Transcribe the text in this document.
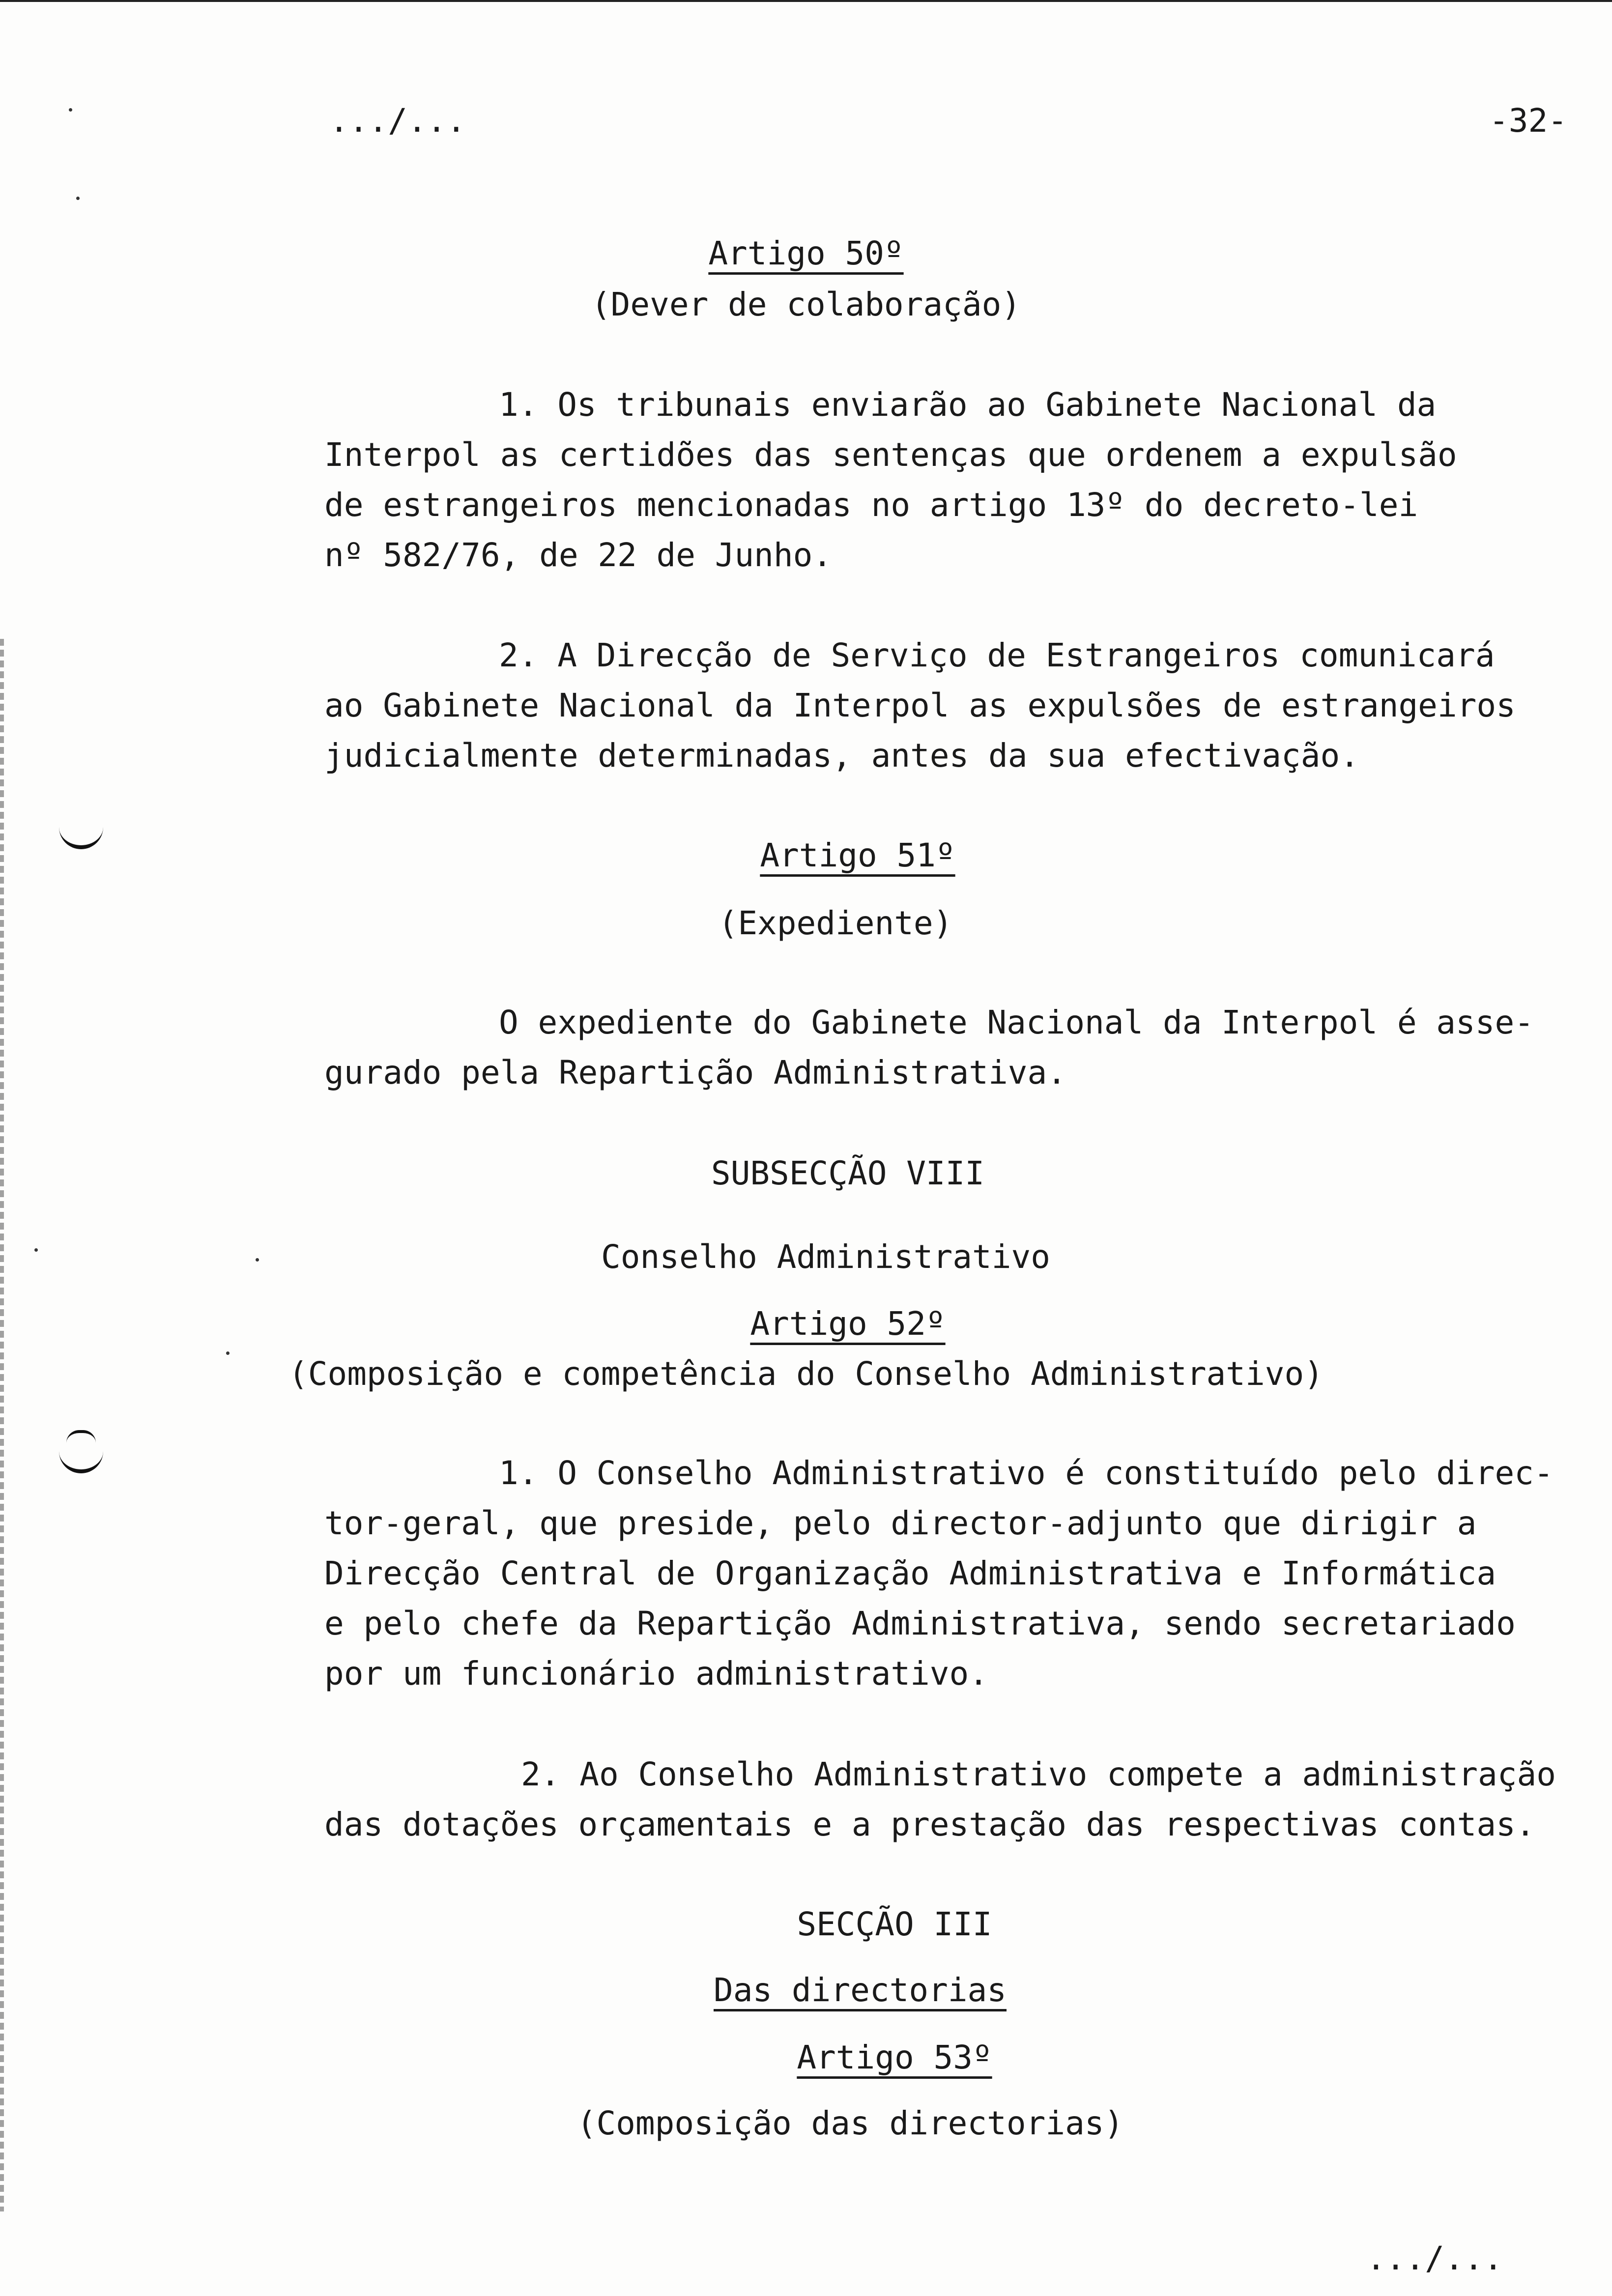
.../...	-32-
Artigo 50º
(Dever de colaboração)
1. Os tribunais enviarão ao Gabinete Nacional da
Interpol as certidões das sentenças que ordenem a expulsão
de estrangeiros mencionadas no artigo 13º do decreto-lei
nº 582/76, de 22 de Junho.
2. A Direcção de Serviço de Estrangeiros comunicará
ao Gabinete Nacional da Interpol as expulsões de estrangeiros
judicialmente determinadas, antes da sua efectivação.
Artigo 51º
(Expediente)
O expediente do Gabinete Nacional da Interpol é asse-
gurado pela Repartição Administrativa.
SUBSECÇÃO VIII
Conselho Administrativo
Artigo 52º
(Composição e competência do Conselho Administrativo)
1. O Conselho Administrativo é constituído pelo direc-
tor-geral, que preside, pelo director-adjunto que dirigir a
Direcção Central de Organização Administrativa e Informática
e pelo chefe da Repartição Administrativa, sendo secretariado
por um funcionário administrativo.
2. Ao Conselho Administrativo compete a administração
das dotações orçamentais e a prestação das respectivas contas.
SECÇÃO III
Das directorias
Artigo 53º
(Composição das directorias)
.../...
